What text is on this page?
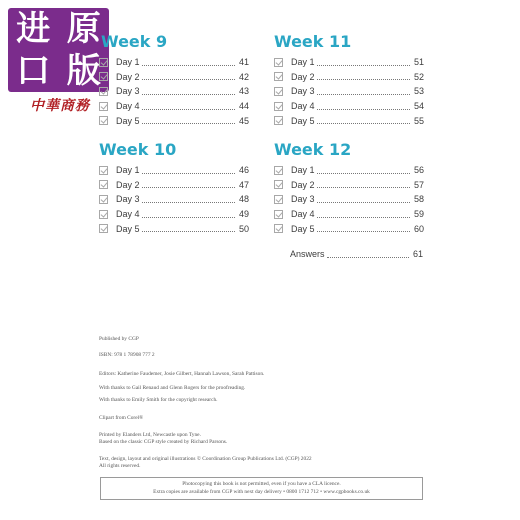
进 原
口 版
中華商務
Week 9
Day 1	41
Day 2	42
Day 3	43
Day 4	44
Day 5	45
Week 10
Day 1	46
Day 2	47
Day 3	48
Day 4	49
Day 5	50
Week 11
Day 1	51
Day 2	52
Day 3	53
Day 4	54
Day 5	55
Week 12
Day 1	56
Day 2	57
Day 3	58
Day 4	59
Day 5	60
Answers	61
Published by CGP
ISBN: 978 1 78908 777 2
Editors: Katherine Faudemer, Josie Gilbert, Hannah Lawson, Sarah Pattison.
With thanks to Gail Renaud and Glenn Rogers for the proofreading.
With thanks to Emily Smith for the copyright research.
Clipart from Corel®
Printed by Elanders Ltd, Newcastle upon Tyne.
Based on the classic CGP style created by Richard Parsons.
Text, design, layout and original illustrations © Coordination Group Publications Ltd. (CGP) 2022
All rights reserved.
Photocopying this book is not permitted, even if you have a CLA licence.
Extra copies are available from CGP with next day delivery • 0800 1712 712 • www.cgpbooks.co.uk
